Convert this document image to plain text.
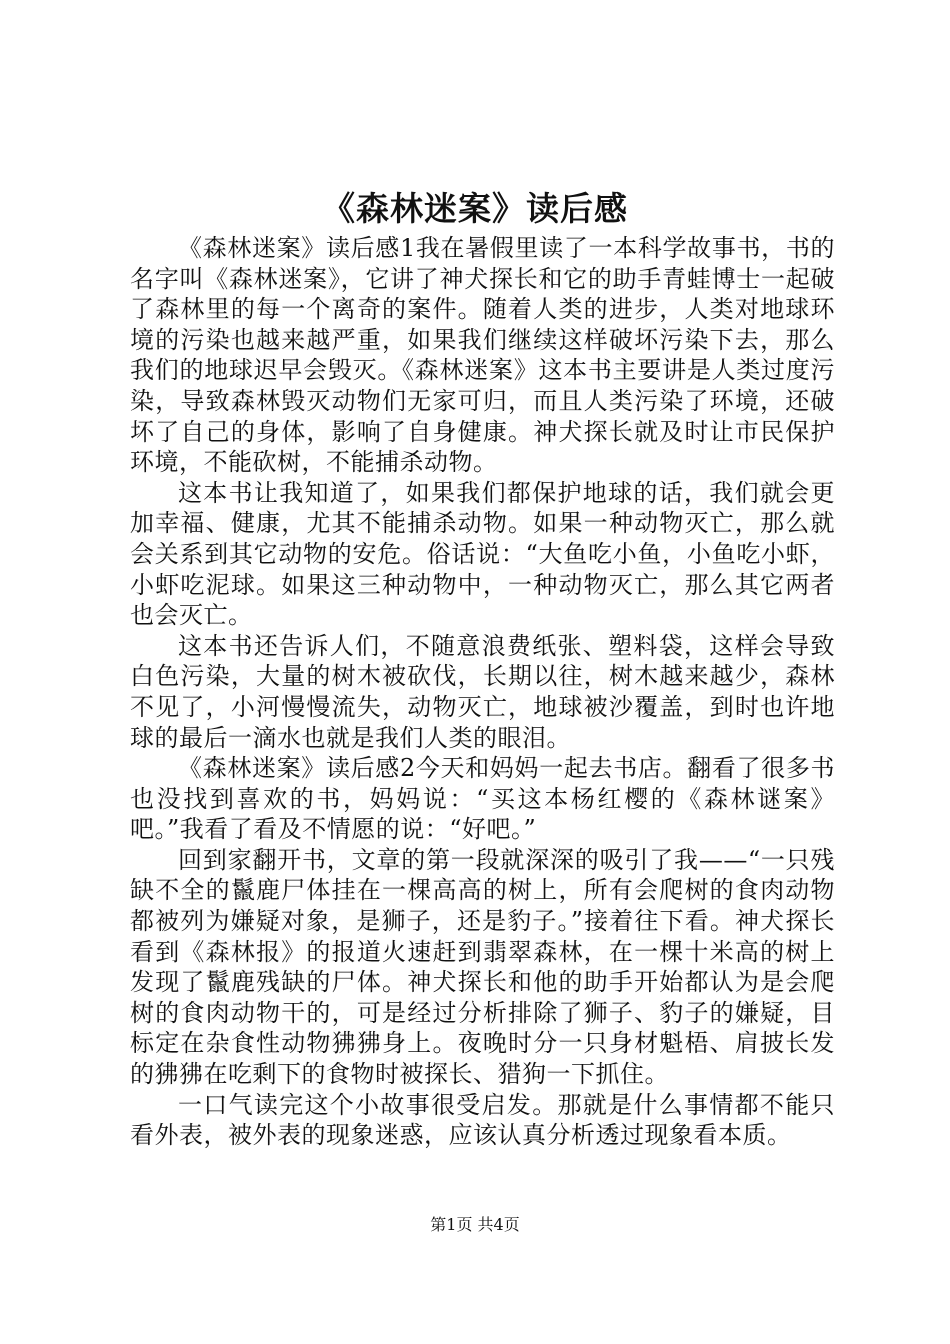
《森林迷案》读后感

《森林迷案》读后感1我在暑假里读了一本科学故事书，书的名字叫《森林迷案》，它讲了神犬探长和它的助手青蛙博士一起破了森林里的每一个离奇的案件。随着人类的进步，人类对地球环境的污染也越来越严重，如果我们继续这样破坏污染下去，那么我们的地球迟早会毁灭。《森林迷案》这本书主要讲是人类过度污染，导致森林毁灭动物们无家可归，而且人类污染了环境，还破坏了自己的身体，影响了自身健康。神犬探长就及时让市民保护环境，不能砍树，不能捕杀动物。

这本书让我知道了，如果我们都保护地球的话，我们就会更加幸福、健康，尤其不能捕杀动物。如果一种动物灭亡，那么就会关系到其它动物的安危。俗话说：“大鱼吃小鱼，小鱼吃小虾，小虾吃泥球。如果这三种动物中，一种动物灭亡，那么其它两者也会灭亡。

这本书还告诉人们，不随意浪费纸张、塑料袋，这样会导致白色污染，大量的树木被砍伐，长期以往，树木越来越少，森林不见了，小河慢慢流失，动物灭亡，地球被沙覆盖，到时也许地球的最后一滴水也就是我们人类的眼泪。

《森林迷案》读后感2今天和妈妈一起去书店。翻看了很多书也没找到喜欢的书，妈妈说：“买这本杨红樱的《森林谜案》吧。”我看了看及不情愿的说：“好吧。”

回到家翻开书，文章的第一段就深深的吸引了我——“一只残缺不全的鬣鹿尸体挂在一棵高高的树上，所有会爬树的食肉动物都被列为嫌疑对象，是狮子，还是豹子。”接着往下看。神犬探长看到《森林报》的报道火速赶到翡翠森林，在一棵十米高的树上发现了鬣鹿残缺的尸体。神犬探长和他的助手开始都认为是会爬树的食肉动物干的，可是经过分析排除了狮子、豹子的嫌疑，目标定在杂食性动物狒狒身上。夜晚时分一只身材魁梧、肩披长发的狒狒在吃剩下的食物时被探长、猎狗一下抓住。

一口气读完这个小故事很受启发。那就是什么事情都不能只看外表，被外表的现象迷惑，应该认真分析透过现象看本质。

第1页 共4页
